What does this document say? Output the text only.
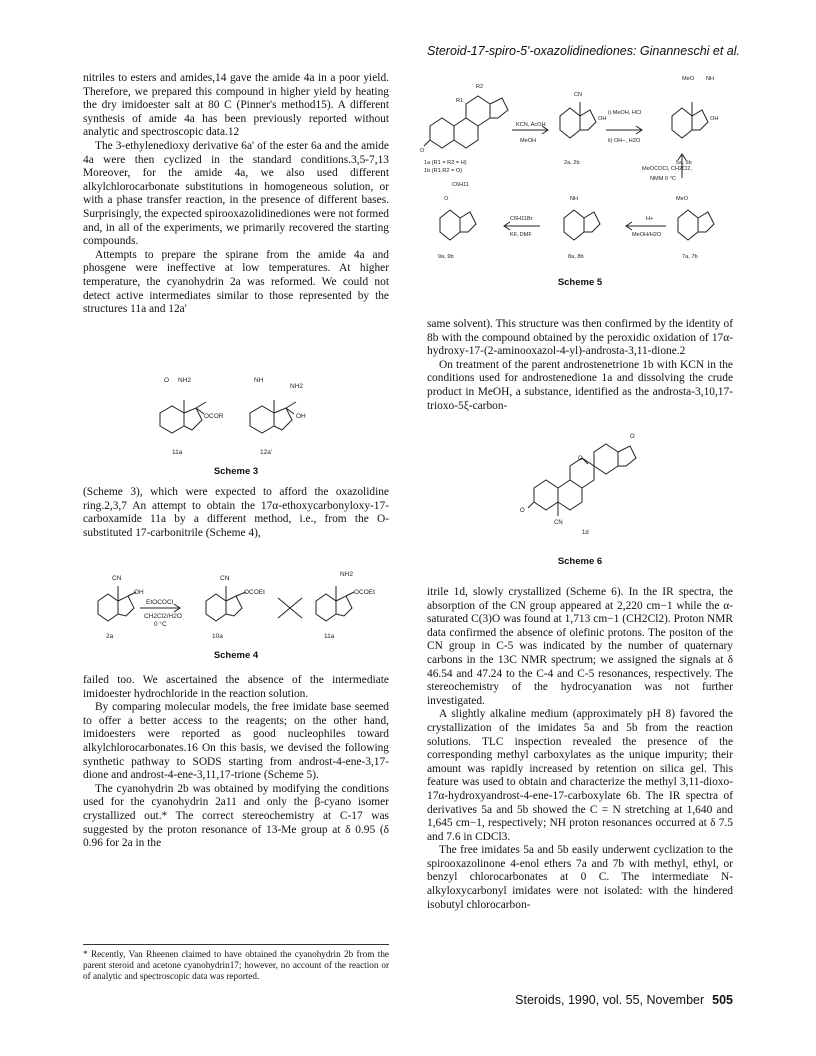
Steroid-17-spiro-5'-oxazolidinediones: Ginanneschi et al.

nitriles to esters and amides,14 gave the amide 4a in a poor yield. Therefore, we prepared this compound in higher yield by heating the dry imidoester salt at 80 C (Pinner's method15). A different synthesis of amide 4a has been previously reported without analytic and spectroscopic data.12

The 3-ethylenedioxy derivative 6a' of the ester 6a and the amide 4a were then cyclized in the standard conditions.3,5-7,13 Moreover, for the amide 4a, we also used different alkylchlorocarbonate substitutions in homogeneous solution, or with a phase transfer reaction, in the presence of different bases. Surprisingly, the expected spirooxazolidinediones were not formed and, in all of the experiments, we primarily recovered the starting compounds.

Attempts to prepare the spirane from the amide 4a and phosgene were ineffective at low temperatures. At higher temperature, the cyanohydrin 2a was reformed. We could not detect active intermediates similar to those represented by the structures 11a and 12a'

O NH2
OCOR
NH
NH2
OH
11a	12a'
Scheme 3

(Scheme 3), which were expected to afford the oxazolidine ring.2,3,7 An attempt to obtain the 17α-ethoxycarbonyloxy-17-carboxamide 11a by a different method, i.e., from the O-substituted 17-carbonitrile (Scheme 4),

CN
OH
EtOCOCl
CH2Cl2/H2O
0 °C
CN
OCOEt
NH2
OCOEt
2a	10a	11a
Scheme 4

failed too. We ascertained the absence of the intermediate imidoester hydrochloride in the reaction solution.

By comparing molecular models, the free imidate base seemed to offer a better access to the reagents; on the other hand, imidoesters were reported as good nucleophiles toward alkylchlorocarbonates.16 On this basis, we devised the following synthetic pathway to SODS starting from androst-4-ene-3,17-dione and androst-4-ene-3,11,17-trione (Scheme 5).

The cyanohydrin 2b was obtained by modifying the conditions used for the cyanohydrin 2a11 and only the β-cyano isomer crystallized out.* The correct stereochemistry at C-17 was suggested by the proton resonance of 13-Me group at δ 0.95 (δ 0.96 for 2a in the

* Recently, Van Rheenen claimed to have obtained the cyanohydrin 2b from the parent steroid and acetone cyanohydrin17; however, no account of the reaction or of analytic and spectroscopic data was reported.
R2
R1
O
1a (R1 = R2 = H)
1b (R1,R2 = O)
KCN, AcOH
MeOH
CN
OH
2a, 2b
i) MeOH, HCl
ii) OH−, H2O
MeO NH
OH
5a, 5b
MeOCOCl, CH2Cl2,
NMM 0 °C
C6H11
O
C6H11Br
KF, DMF
NH
H+
MeOH/H2O
MeO
9a, 9b	8a, 8b	7a, 7b
Scheme 5

same solvent). This structure was then confirmed by the identity of 8b with the compound obtained by the peroxidic oxidation of 17α-hydroxy-17-(2-aminooxazol-4-yl)-androsta-3,11-dione.2

On treatment of the parent androstenetrione 1b with KCN in the conditions used for androstenedione 1a and dissolving the crude product in MeOH, a substance, identified as the androsta-3,10,17-trioxo-5ξ-carbon-

O
O
O
CN
1d
Scheme 6

itrile 1d, slowly crystallized (Scheme 6). In the IR spectra, the absorption of the CN group appeared at 2,220 cm−1 while the α-saturated C(3)O was found at 1,713 cm−1 (CH2Cl2). Proton NMR data confirmed the absence of olefinic protons. The positon of the CN group in C-5 was indicated by the number of quaternary carbons in the 13C NMR spectrum; we assigned the signals at δ 46.54 and 47.24 to the C-4 and C-5 resonances, respectively. The stereochemistry of the hydrocyanation was not further investigated.

A slightly alkaline medium (approximately pH 8) favored the crystallization of the imidates 5a and 5b from the reaction solutions. TLC inspection revealed the presence of the corresponding methyl carboxylates as the unique impurity; their amount was rapidly increased by retention on silica gel. This feature was used to obtain and characterize the methyl 3,11-dioxo-17α-hydroxyandrost-4-ene-17-carboxylate 6b. The IR spectra of derivatives 5a and 5b showed the C = N stretching at 1,640 and 1,645 cm−1, respectively; NH proton resonances occurred at δ 7.5 and 7.6 in CDCl3.

The free imidates 5a and 5b easily underwent cyclization to the spirooxazolinone 4-enol ethers 7a and 7b with methyl, ethyl, or benzyl chlorocarbonates at 0 C. The intermediate N-alkyloxycarbonyl imidates were not isolated: with the hindered isobutyl chlorocarbon-

Steroids, 1990, vol. 55, November 505
